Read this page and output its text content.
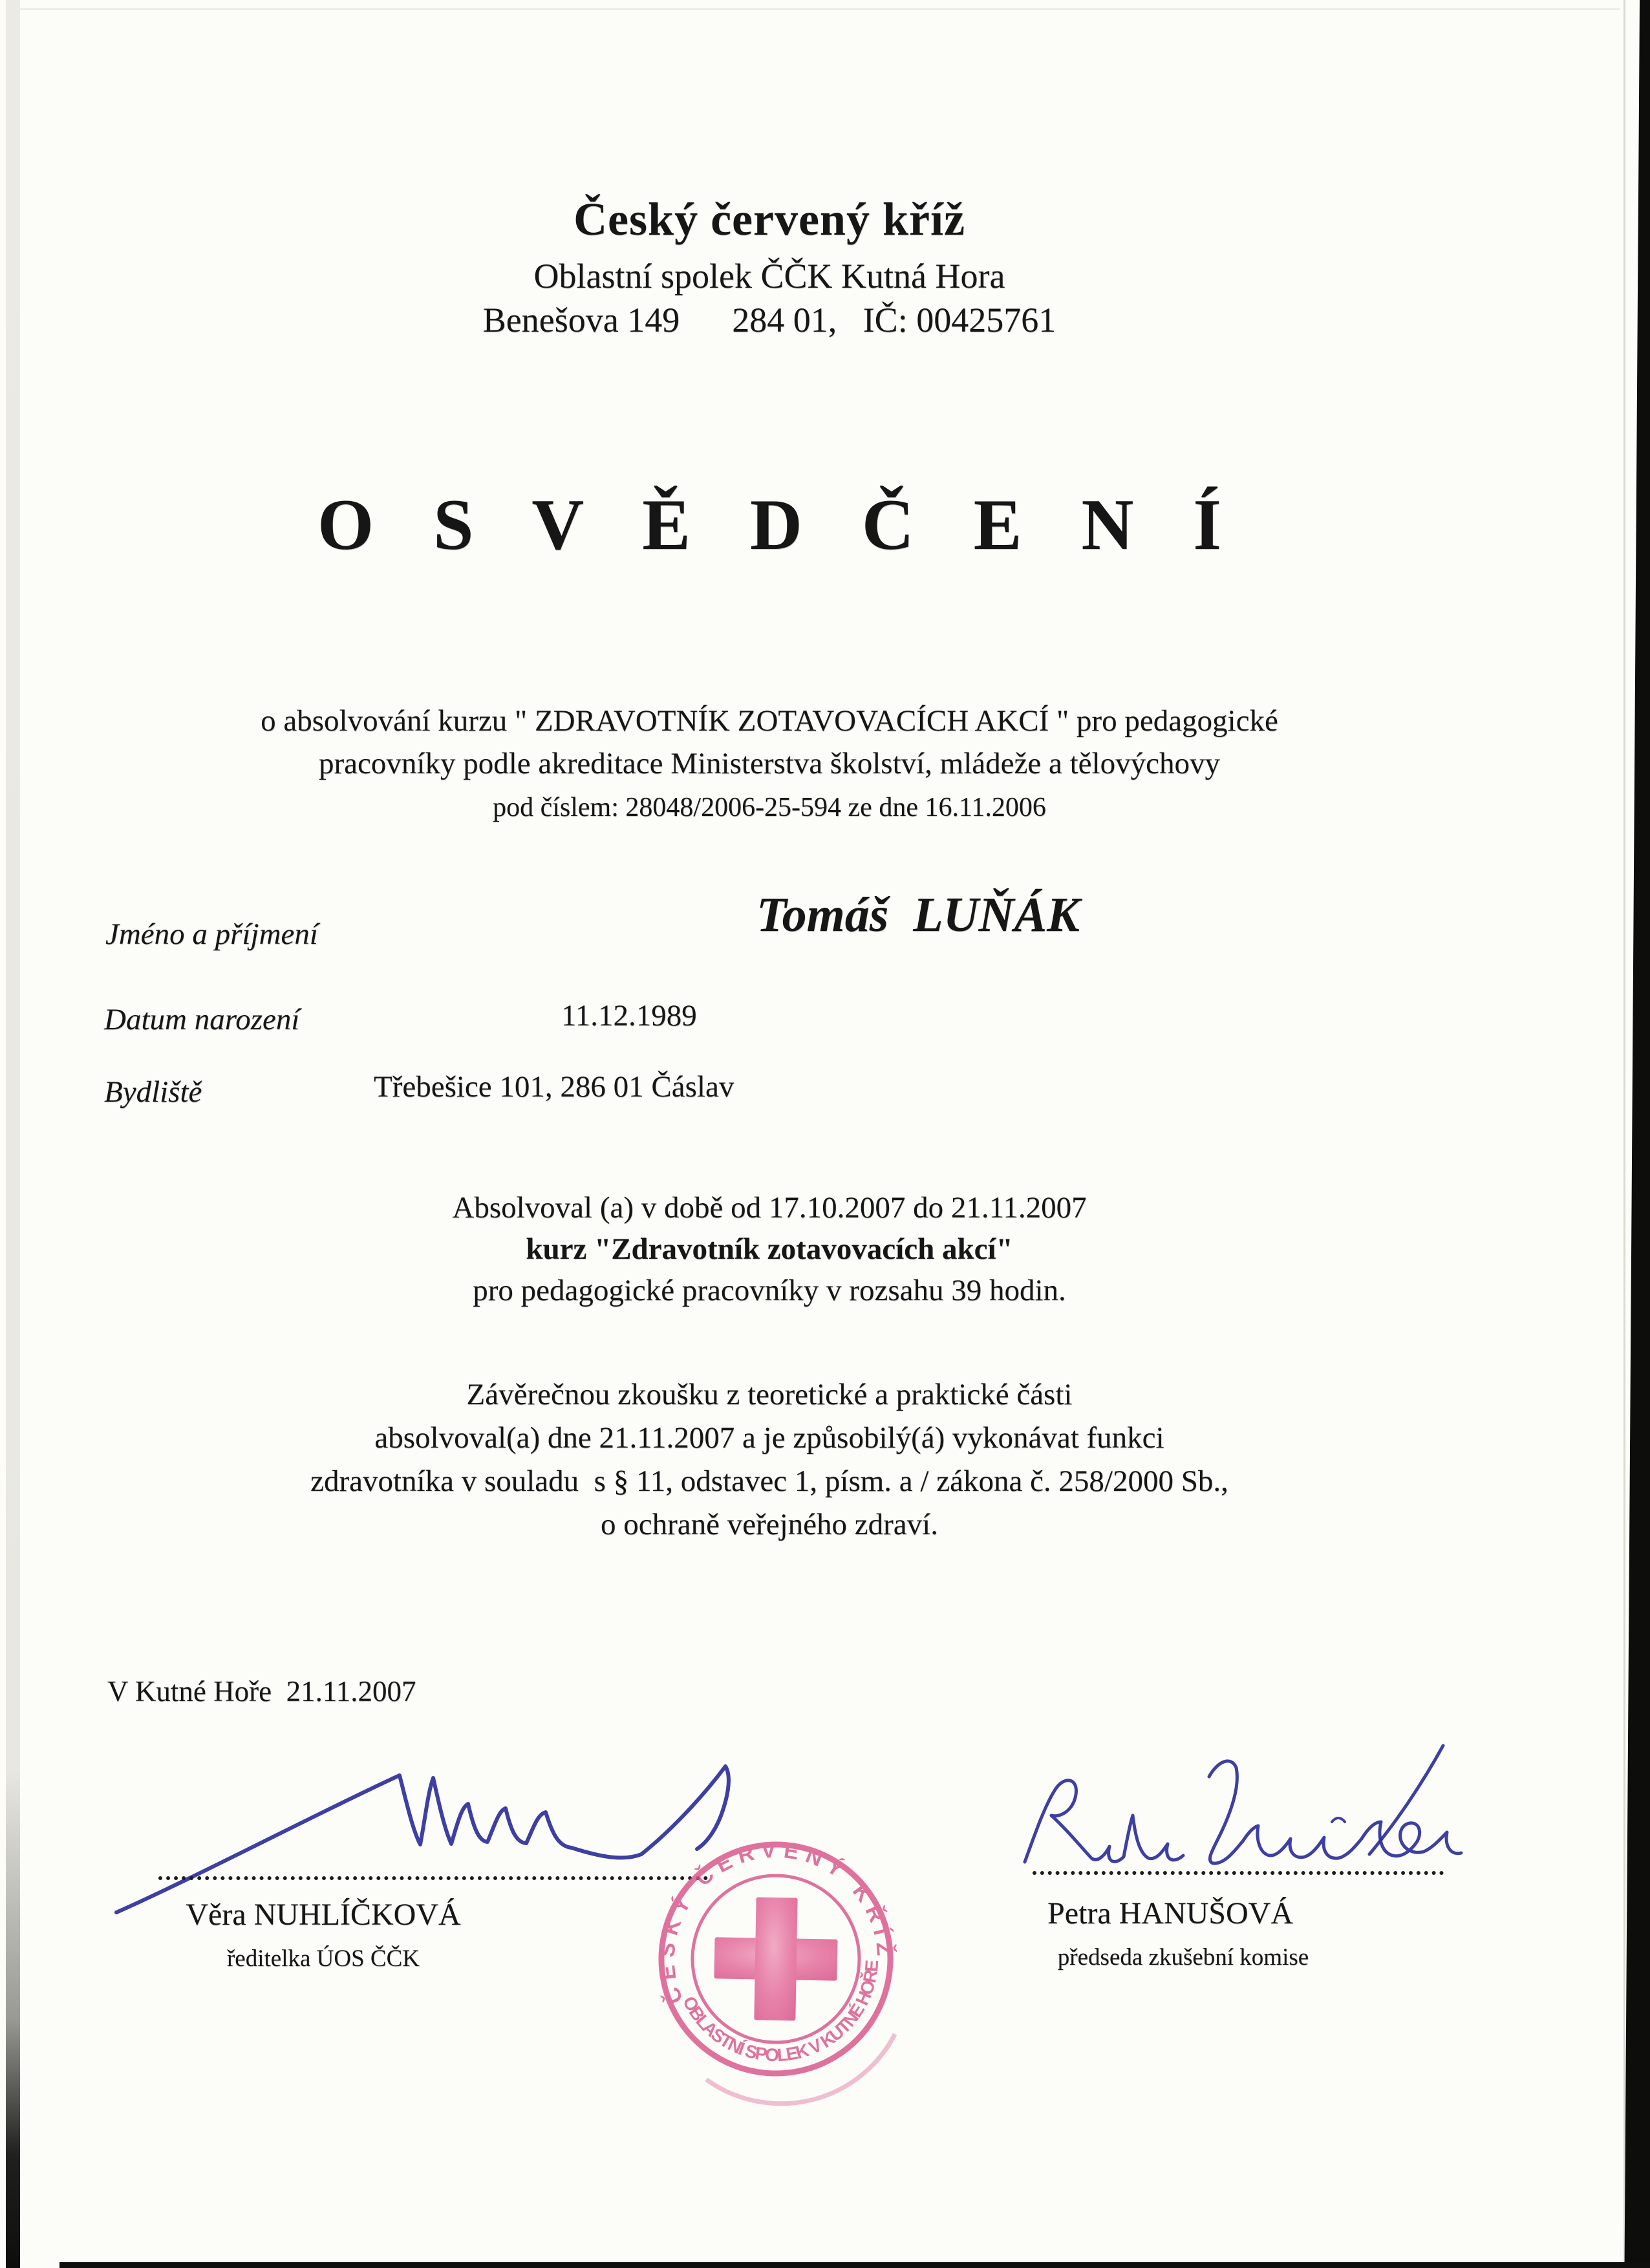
Český červený kříž
Oblastní spolek ČČK Kutná Hora
Benešova 149      284 01,   IČ: 00425761
O S V Ě D Č E N Í
o absolvování kurzu " ZDRAVOTNÍK ZOTAVOVACÍCH AKCÍ " pro pedagogické
pracovníky podle akreditace Ministerstva školství, mládeže a tělovýchovy
pod číslem: 28048/2006-25-594 ze dne 16.11.2006
Jméno a příjmení	Tomáš  LUŇÁK
Datum narození	11.12.1989
Bydliště	Třebešice 101, 286 01 Čáslav
Absolvoval (a) v době od 17.10.2007 do 21.11.2007
kurz "Zdravotník zotavovacích akcí"
pro pedagogické pracovníky v rozsahu 39 hodin.
Závěrečnou zkoušku z teoretické a praktické části
absolvoval(a) dne 21.11.2007 a je způsobilý(á) vykonávat funkci
zdravotníka v souladu  s § 11, odstavec 1, písm. a / zákona č. 258/2000 Sb.,
o ochraně veřejného zdraví.
V Kutné Hoře  21.11.2007
Věra NUHLÍČKOVÁ
ředitelka ÚOS ČČK
Petra HANUŠOVÁ
předseda zkušební komise
ČESKÝ ČERVENÝ KŘÍŽ
OBLASTNÍ SPOLEK V KUTNÉ HOŘE
